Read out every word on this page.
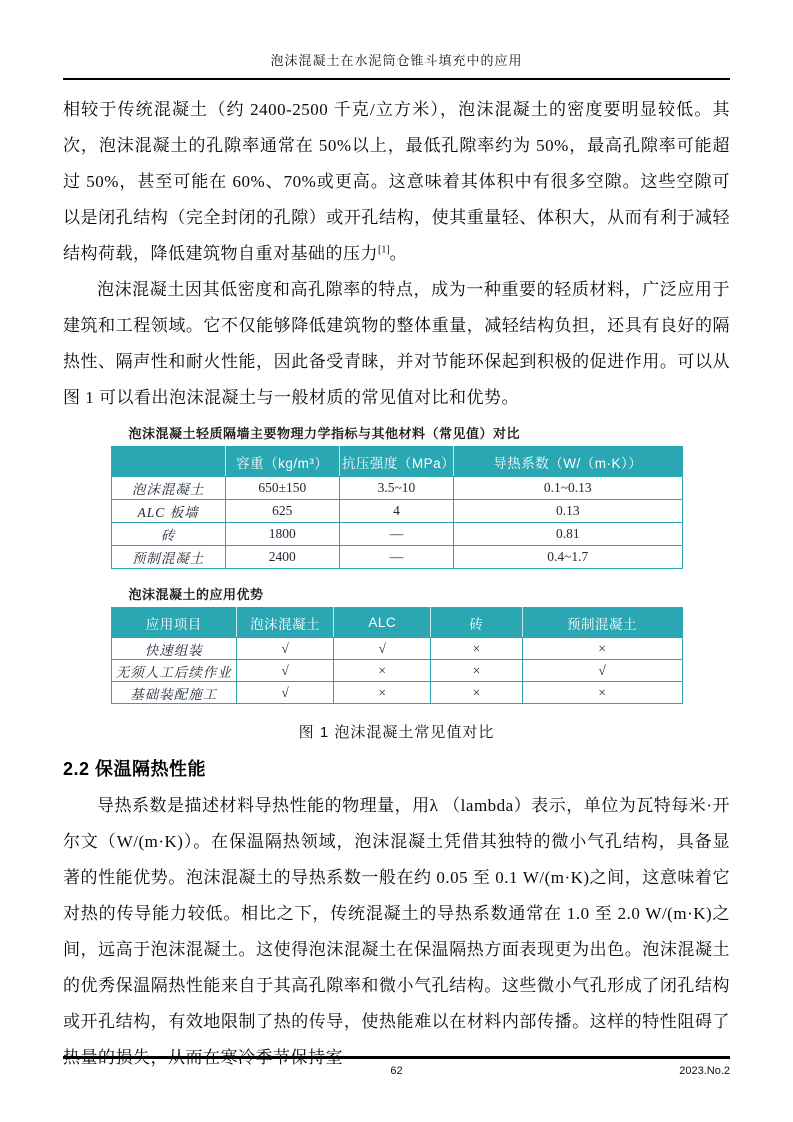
泡沫混凝土在水泥筒仓锥斗填充中的应用

相较于传统混凝土（约 2400-2500 千克/立方米），泡沫混凝土的密度要明显较低。其次，泡沫混凝土的孔隙率通常在 50%以上，最低孔隙率约为 50%，最高孔隙率可能超过 50%，甚至可能在 60%、70%或更高。这意味着其体积中有很多空隙。这些空隙可以是闭孔结构（完全封闭的孔隙）或开孔结构，使其重量轻、体积大，从而有利于减轻结构荷载，降低建筑物自重对基础的压力[1]。

泡沫混凝土因其低密度和高孔隙率的特点，成为一种重要的轻质材料，广泛应用于建筑和工程领域。它不仅能够降低建筑物的整体重量，减轻结构负担，还具有良好的隔热性、隔声性和耐火性能，因此备受青睐，并对节能环保起到积极的促进作用。可以从图 1 可以看出泡沫混凝土与一般材质的常见值对比和优势。

泡沫混凝土轻质隔墙主要物理力学指标与其他材料（常见值）对比
	容重（kg/m³）	抗压强度（MPa）	导热系数（W/（m·K））
泡沫混凝土	650±150	3.5~10	0.1~0.13
ALC 板墙	625	4	0.13
砖	1800	—	0.81
预制混凝土	2400	—	0.4~1.7
泡沫混凝土的应用优势
应用项目	泡沫混凝土	ALC	砖	预制混凝土
快速组装	√	√	×	×
无须人工后续作业	√	×	×	√
基础装配施工	√	×	×	×
图 1 泡沫混凝土常见值对比
2.2 保温隔热性能

导热系数是描述材料导热性能的物理量，用λ （lambda）表示，单位为瓦特每米·开尔文（W/(m·K)）。在保温隔热领域，泡沫混凝土凭借其独特的微小气孔结构，具备显著的性能优势。泡沫混凝土的导热系数一般在约 0.05 至 0.1 W/(m·K)之间，这意味着它对热的传导能力较低。相比之下，传统混凝土的导热系数通常在 1.0 至 2.0 W/(m·K)之间，远高于泡沫混凝土。这使得泡沫混凝土在保温隔热方面表现更为出色。泡沫混凝土的优秀保温隔热性能来自于其高孔隙率和微小气孔结构。这些微小气孔形成了闭孔结构或开孔结构，有效地限制了热的传导，使热能难以在材料内部传播。这样的特性阻碍了热量的损失，从而在寒冷季节保持室

62	2023.No.2
